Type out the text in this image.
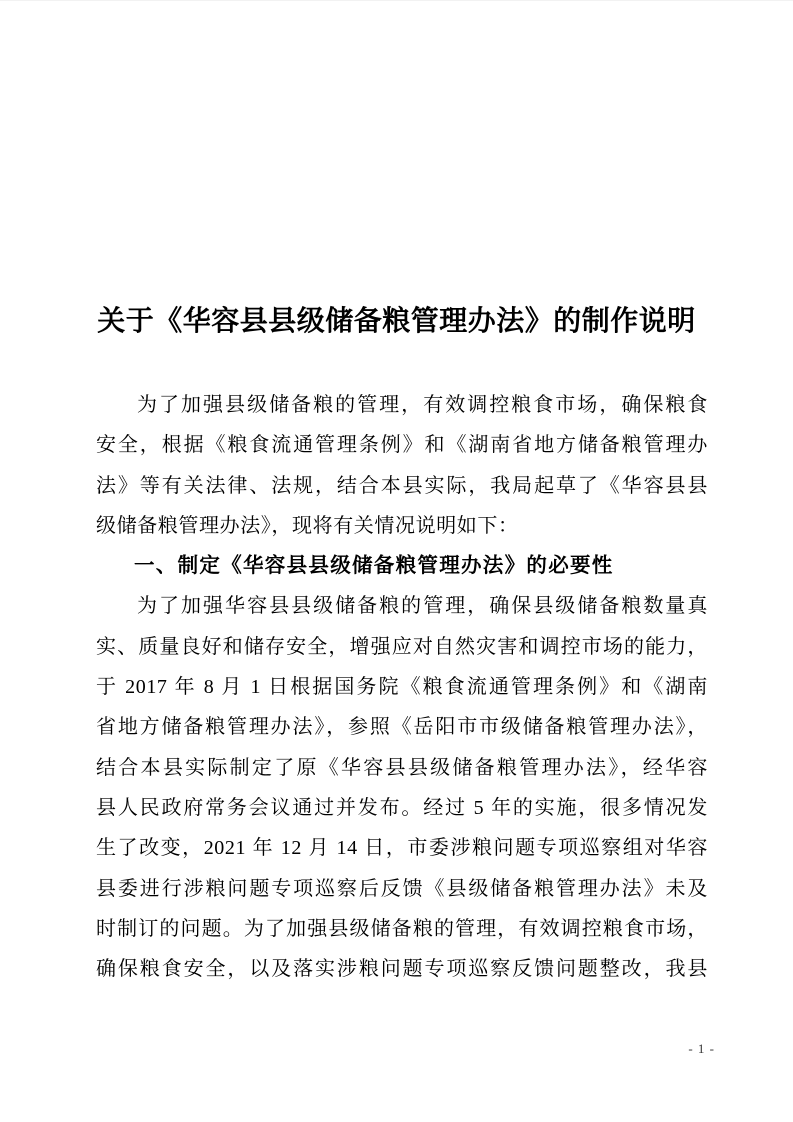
关于《华容县县级储备粮管理办法》的制作说明
为了加强县级储备粮的管理，有效调控粮食市场，确保粮食
安全，根据《粮食流通管理条例》和《湖南省地方储备粮管理办
法》等有关法律、法规，结合本县实际，我局起草了《华容县县
级储备粮管理办法》，现将有关情况说明如下：
一、制定《华容县县级储备粮管理办法》的必要性
为了加强华容县县级储备粮的管理，确保县级储备粮数量真
实、质量良好和储存安全，增强应对自然灾害和调控市场的能力，
于 2017 年 8 月 1 日根据国务院《粮食流通管理条例》和《湖南
省地方储备粮管理办法》，参照《岳阳市市级储备粮管理办法》，
结合本县实际制定了原《华容县县级储备粮管理办法》，经华容
县人民政府常务会议通过并发布。经过 5 年的实施，很多情况发
生了改变，2021 年 12 月 14 日，市委涉粮问题专项巡察组对华容
县委进行涉粮问题专项巡察后反馈《县级储备粮管理办法》未及
时制订的问题。为了加强县级储备粮的管理，有效调控粮食市场，
确保粮食安全，以及落实涉粮问题专项巡察反馈问题整改，我县
- 1 -
